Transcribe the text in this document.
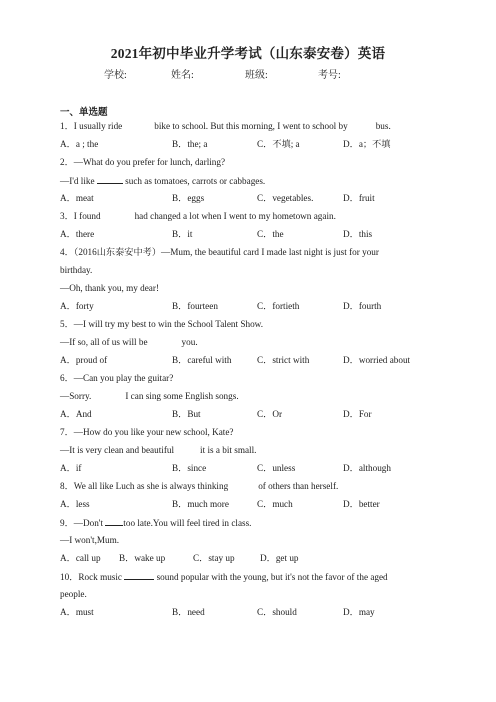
2021年初中毕业升学考试（山东泰安卷）英语
学校:	姓名:	班级:	考号:
一、单选题
1．I usually ride	bike to school. But this morning, I went to school by	bus.
A．a ; the	B．the; a	C．不填; a	D．a；不填
2．—What do you prefer for lunch, darling?
—I'd like	such as tomatoes, carrots or cabbages.
A．meat	B．eggs	C．vegetables.	D．fruit
3．I found	had changed a lot when I went to my hometown again.
A．there	B．it	C．the	D．this
4．（2016山东泰安中考）—Mum, the beautiful card I made last night is just for your
birthday.
—Oh, thank you, my dear!
A．forty	B．fourteen	C．fortieth	D．fourth
5．—I will try my best to win the School Talent Show.
—If so, all of us will be	you.
A．proud of	B．careful with	C．strict with	D．worried about
6．—Can you play the guitar?
—Sorry.	I can sing some English songs.
A．And	B．But	C．Or	D．For
7．—How do you like your new school, Kate?
—It is very clean and beautiful	it is a bit small.
A．if	B．since	C．unless	D．although
8．We all like Luch as she is always thinking	of others than herself.
A．less	B．much more	C．much	D．better
9．—Don't too late.You will feel tired in class.
—I won't,Mum.
A．call up B．wake up	C．stay up	D．get up
10．Rock music	sound popular with the young, but it's not the favor of the aged
people.
A．must	B．need	C．should	D．may
